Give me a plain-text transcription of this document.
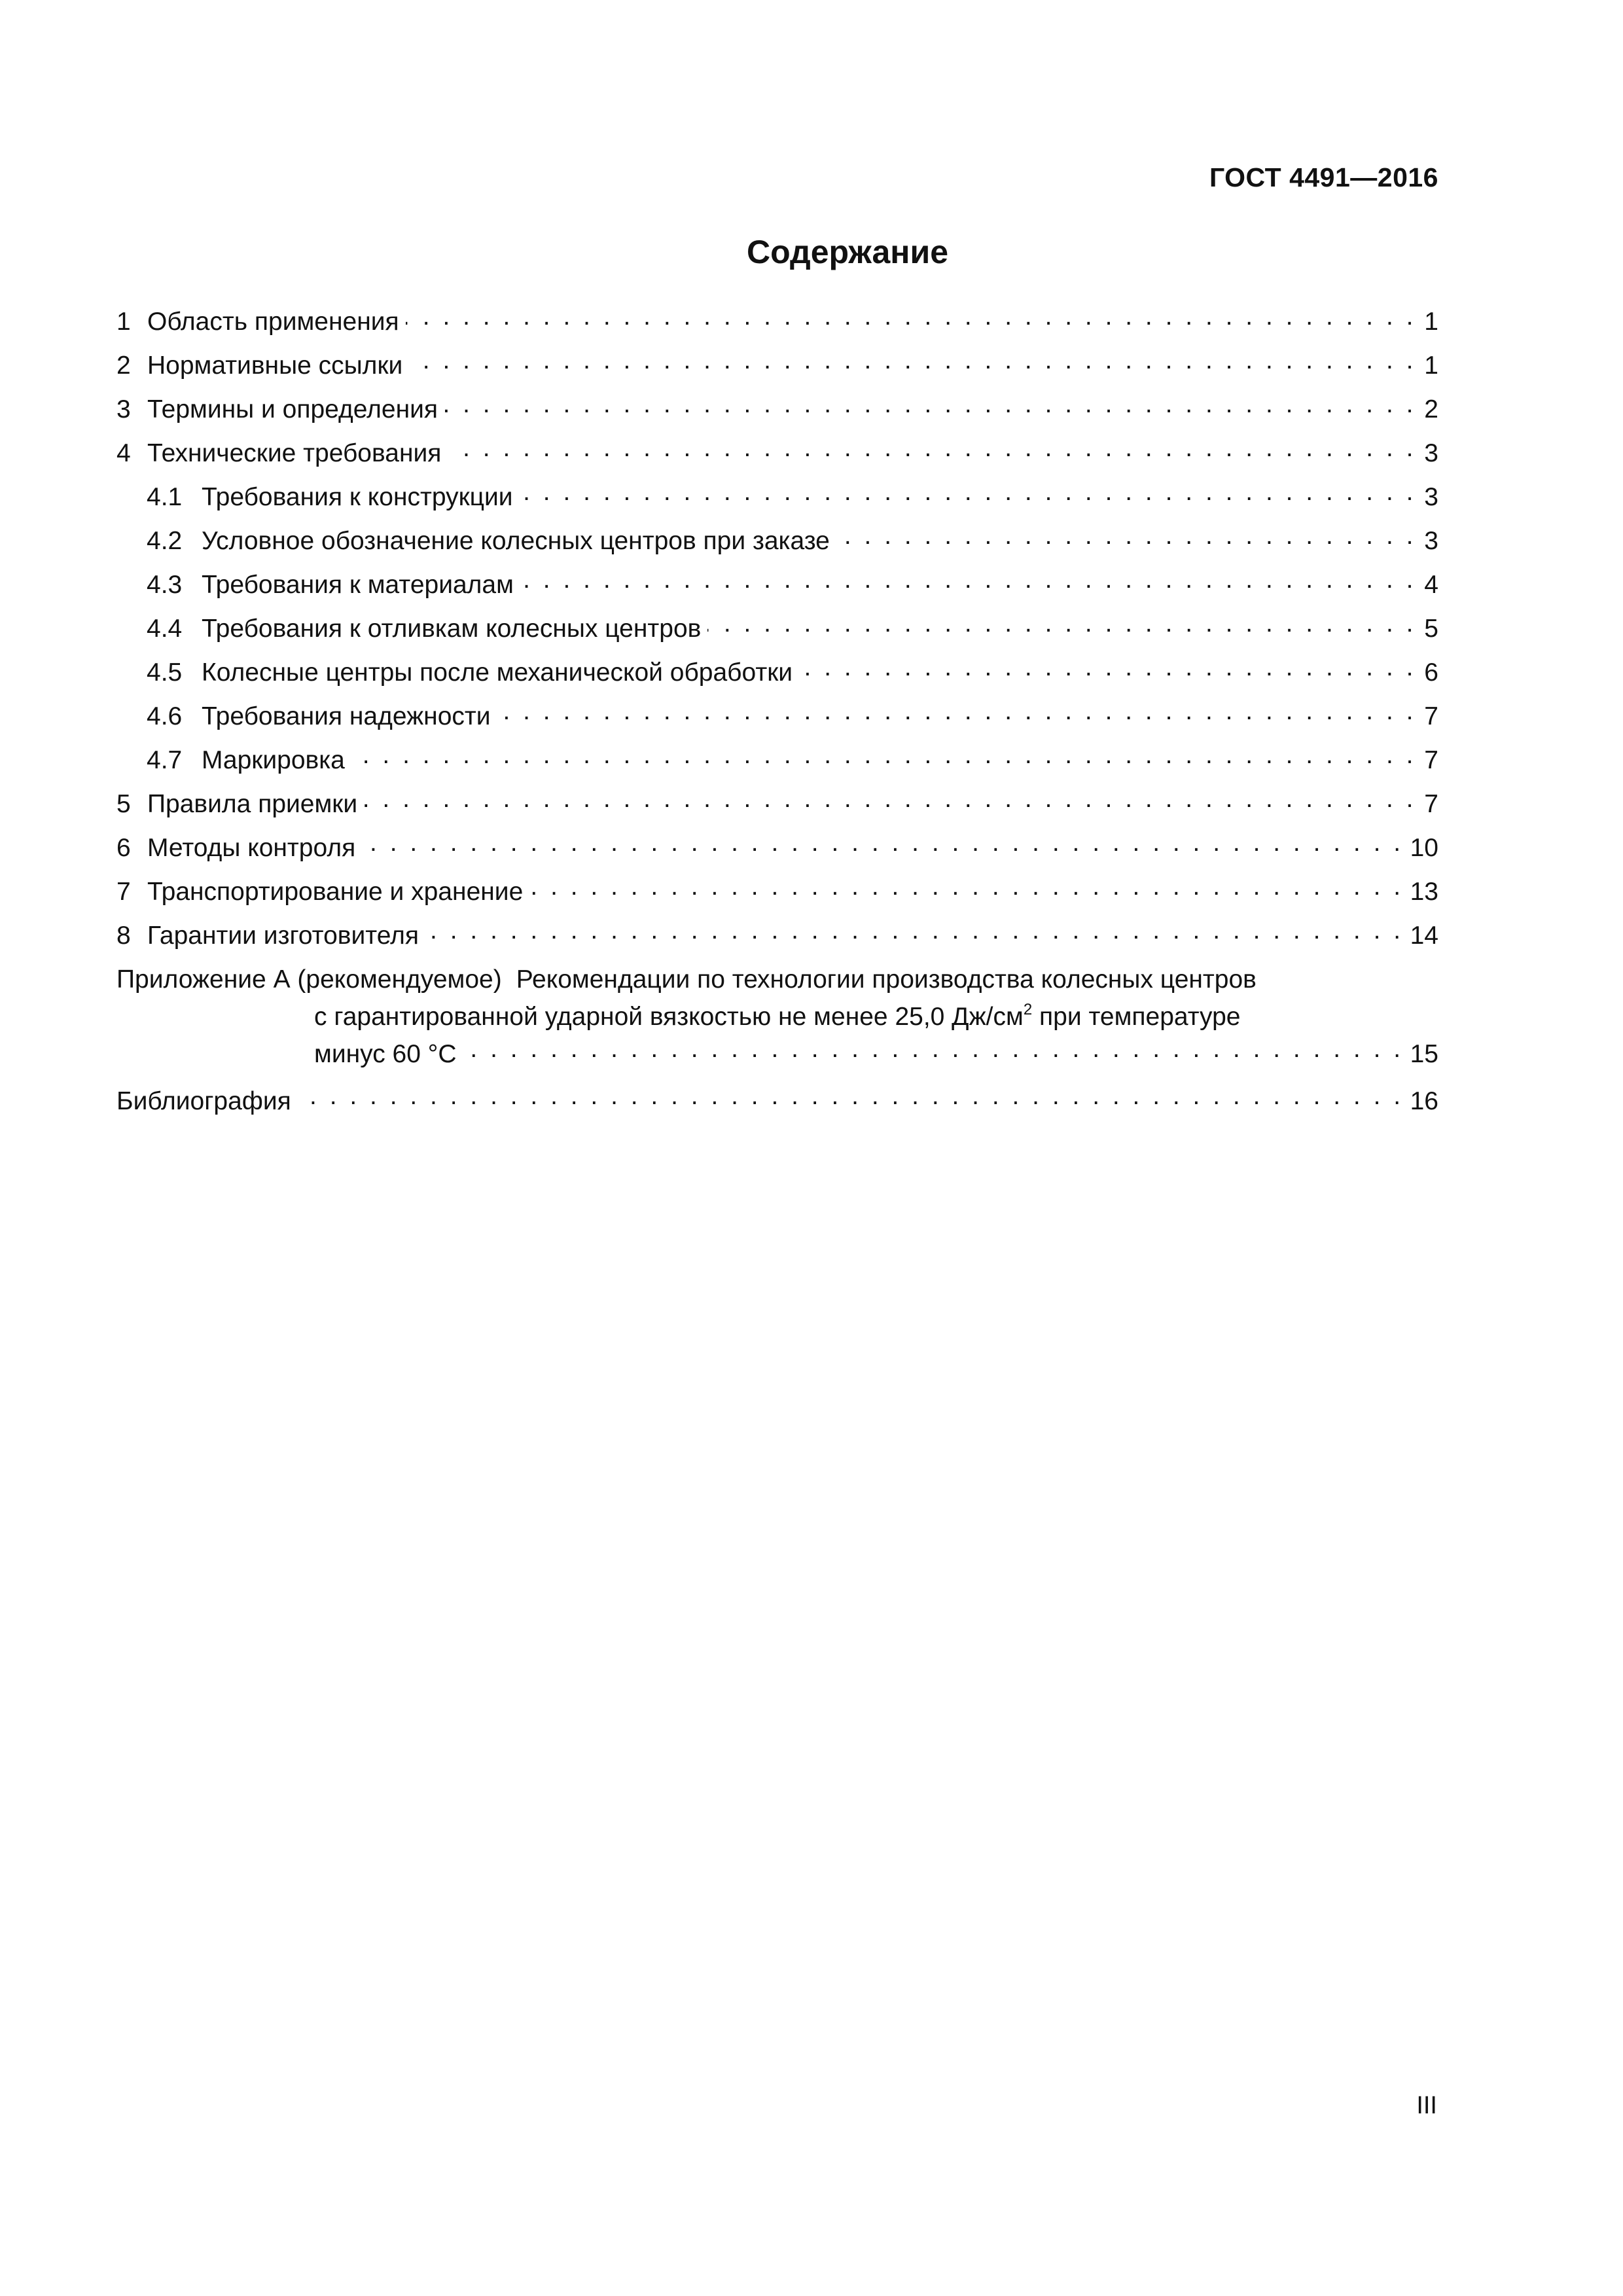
ГОСТ 4491—2016
Содержание
1 Область применения . . .	1
2 Нормативные ссылки . . .	1
3 Термины и определения . . .	2
4 Технические требования . . .	3
4.1 Требования к конструкции . . .	3
4.2 Условное обозначение колесных центров при заказе . . .	3
4.3 Требования к материалам . . .	4
4.4 Требования к отливкам колесных центров . . .	5
4.5 Колесные центры после механической обработки . . .	6
4.6 Требования надежности . . .	7
4.7 Маркировка . . .	7
5 Правила приемки . . .	7
6 Методы контроля . . .	10
7 Транспортирование и хранение . . .	13
8 Гарантии изготовителя . . .	14
Приложение А (рекомендуемое) Рекомендации по технологии производства колесных центров
с гарантированной ударной вязкостью не менее 25,0 $Дж/см^2$ при температуре
минус 60 °С . . .	15
Библиография . . .	16
III
